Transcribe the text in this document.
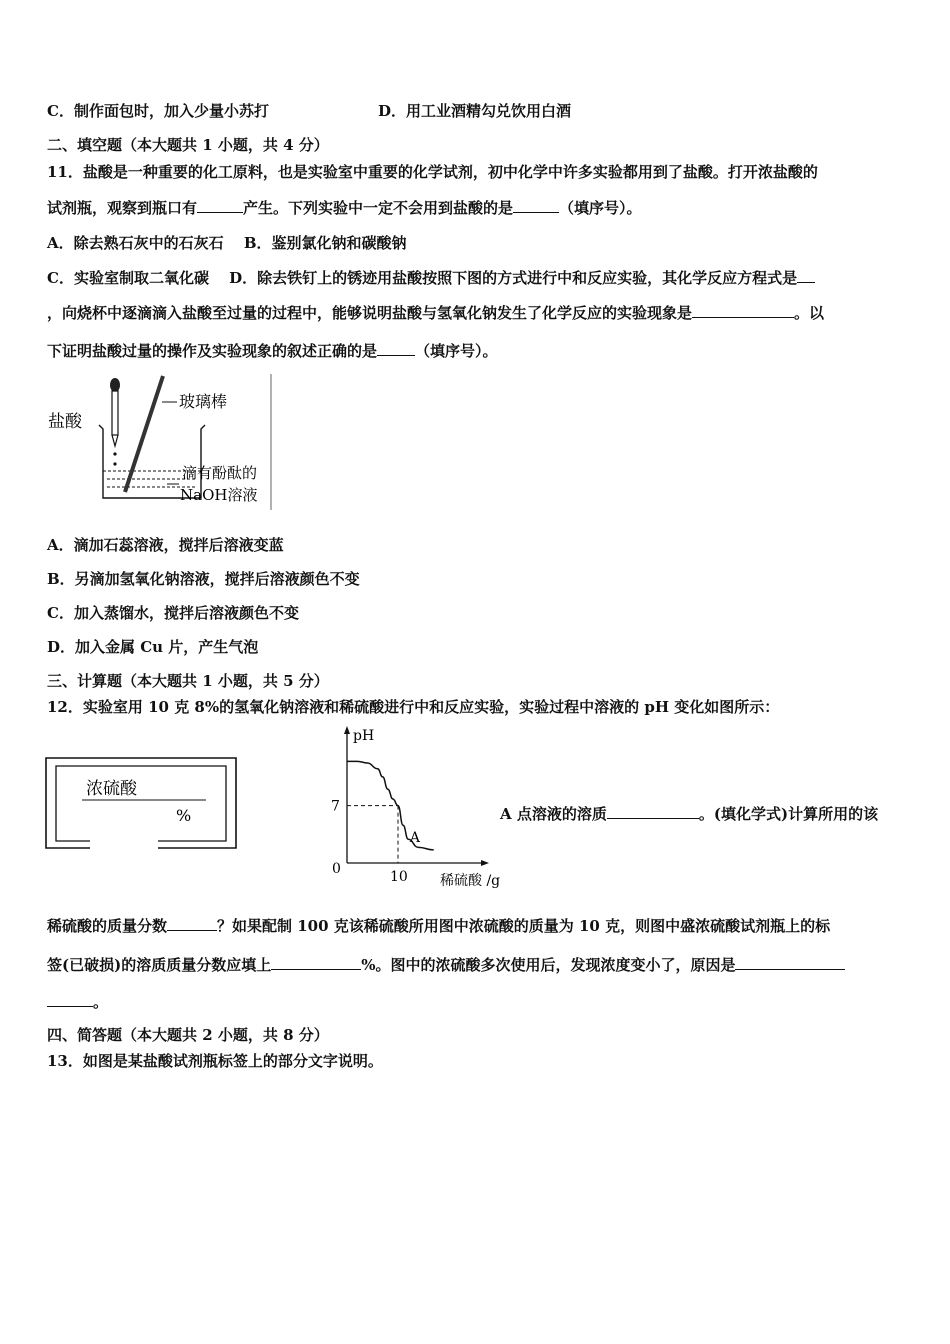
C．制作面包时，加入少量小苏打	D．用工业酒精勾兑饮用白酒
二、填空题（本大题共 1 小题，共 4 分）
11．盐酸是一种重要的化工原料，也是实验室中重要的化学试剂，初中化学中许多实验都用到了盐酸。打开浓盐酸的
试剂瓶，观察到瓶口有	产生。下列实验中一定不会用到盐酸的是	（填序号）。
A．除去熟石灰中的石灰石　 B．鉴别氯化钠和碳酸钠
C．实验室制取二氧化碳　 D．除去铁钉上的锈迹用盐酸按照下图的方式进行中和反应实验，其化学反应方程式是
，向烧杯中逐滴滴入盐酸至过量的过程中，能够说明盐酸与氢氧化钠发生了化学反应的实验现象是	。以
下证明盐酸过量的操作及实验现象的叙述正确的是	（填序号）。
盐酸
玻璃棒
滴有酚酞的
NaOH溶液
A．滴加石蕊溶液，搅拌后溶液变蓝
B．另滴加氢氧化钠溶液，搅拌后溶液颜色不变
C．加入蒸馏水，搅拌后溶液颜色不变
D．加入金属 Cu 片，产生气泡
三、计算题（本大题共 1 小题，共 5 分）
12．实验室用 10 克 8%的氢氧化钠溶液和稀硫酸进行中和反应实验，实验过程中溶液的 pH 变化如图所示：
浓硫酸
%
pH
稀硫酸 /g
0
7
10
A
A 点溶液的溶质	。(填化学式)计算所用的该
稀硫酸的质量分数	？如果配制 100 克该稀硫酸所用图中浓硫酸的质量为 10 克，则图中盛浓硫酸试剂瓶上的标
签(已破损)的溶质质量分数应填上	%。图中的浓硫酸多次使用后，发现浓度变小了，原因是
。
四、简答题（本大题共 2 小题，共 8 分）
13．如图是某盐酸试剂瓶标签上的部分文字说明。
